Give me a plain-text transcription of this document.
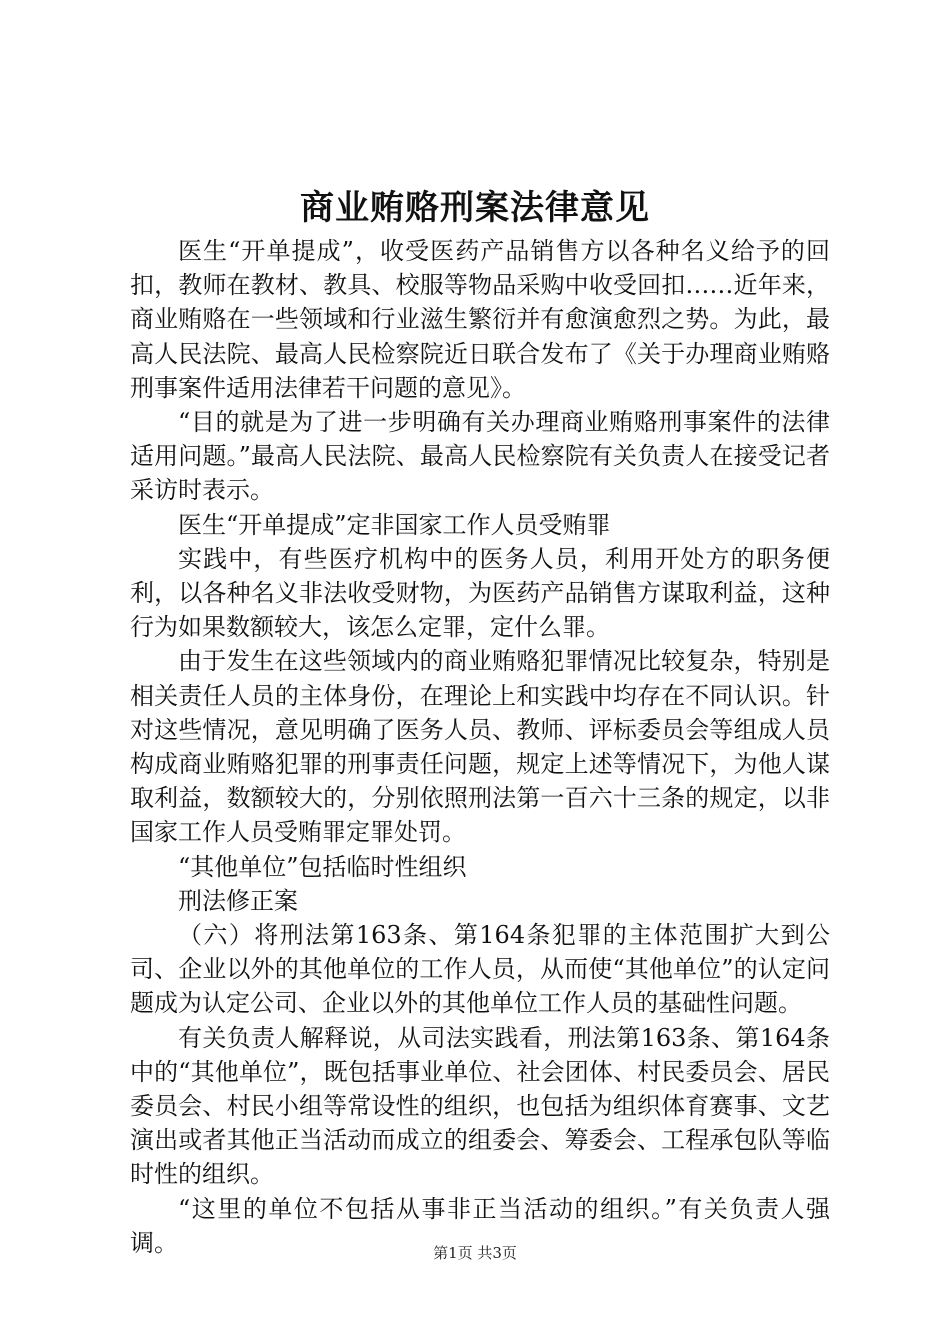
商业贿赂刑案法律意见

医生“开单提成”，收受医药产品销售方以各种名义给予的回扣，教师在教材、教具、校服等物品采购中收受回扣……近年来，商业贿赂在一些领域和行业滋生繁衍并有愈演愈烈之势。为此，最高人民法院、最高人民检察院近日联合发布了《关于办理商业贿赂刑事案件适用法律若干问题的意见》。

“目的就是为了进一步明确有关办理商业贿赂刑事案件的法律适用问题。”最高人民法院、最高人民检察院有关负责人在接受记者采访时表示。

医生“开单提成”定非国家工作人员受贿罪

实践中，有些医疗机构中的医务人员，利用开处方的职务便利，以各种名义非法收受财物，为医药产品销售方谋取利益，这种行为如果数额较大，该怎么定罪，定什么罪。

由于发生在这些领域内的商业贿赂犯罪情况比较复杂，特别是相关责任人员的主体身份，在理论上和实践中均存在不同认识。针对这些情况，意见明确了医务人员、教师、评标委员会等组成人员构成商业贿赂犯罪的刑事责任问题，规定上述等情况下，为他人谋取利益，数额较大的，分别依照刑法第一百六十三条的规定，以非国家工作人员受贿罪定罪处罚。

“其他单位”包括临时性组织

刑法修正案

（六）将刑法第163条、第164条犯罪的主体范围扩大到公司、企业以外的其他单位的工作人员，从而使“其他单位”的认定问题成为认定公司、企业以外的其他单位工作人员的基础性问题。

有关负责人解释说，从司法实践看，刑法第163条、第164条中的“其他单位”，既包括事业单位、社会团体、村民委员会、居民委员会、村民小组等常设性的组织，也包括为组织体育赛事、文艺演出或者其他正当活动而成立的组委会、筹委会、工程承包队等临时性的组织。

“这里的单位不包括从事非正当活动的组织。”有关负责人强调。	第1页 共3页
